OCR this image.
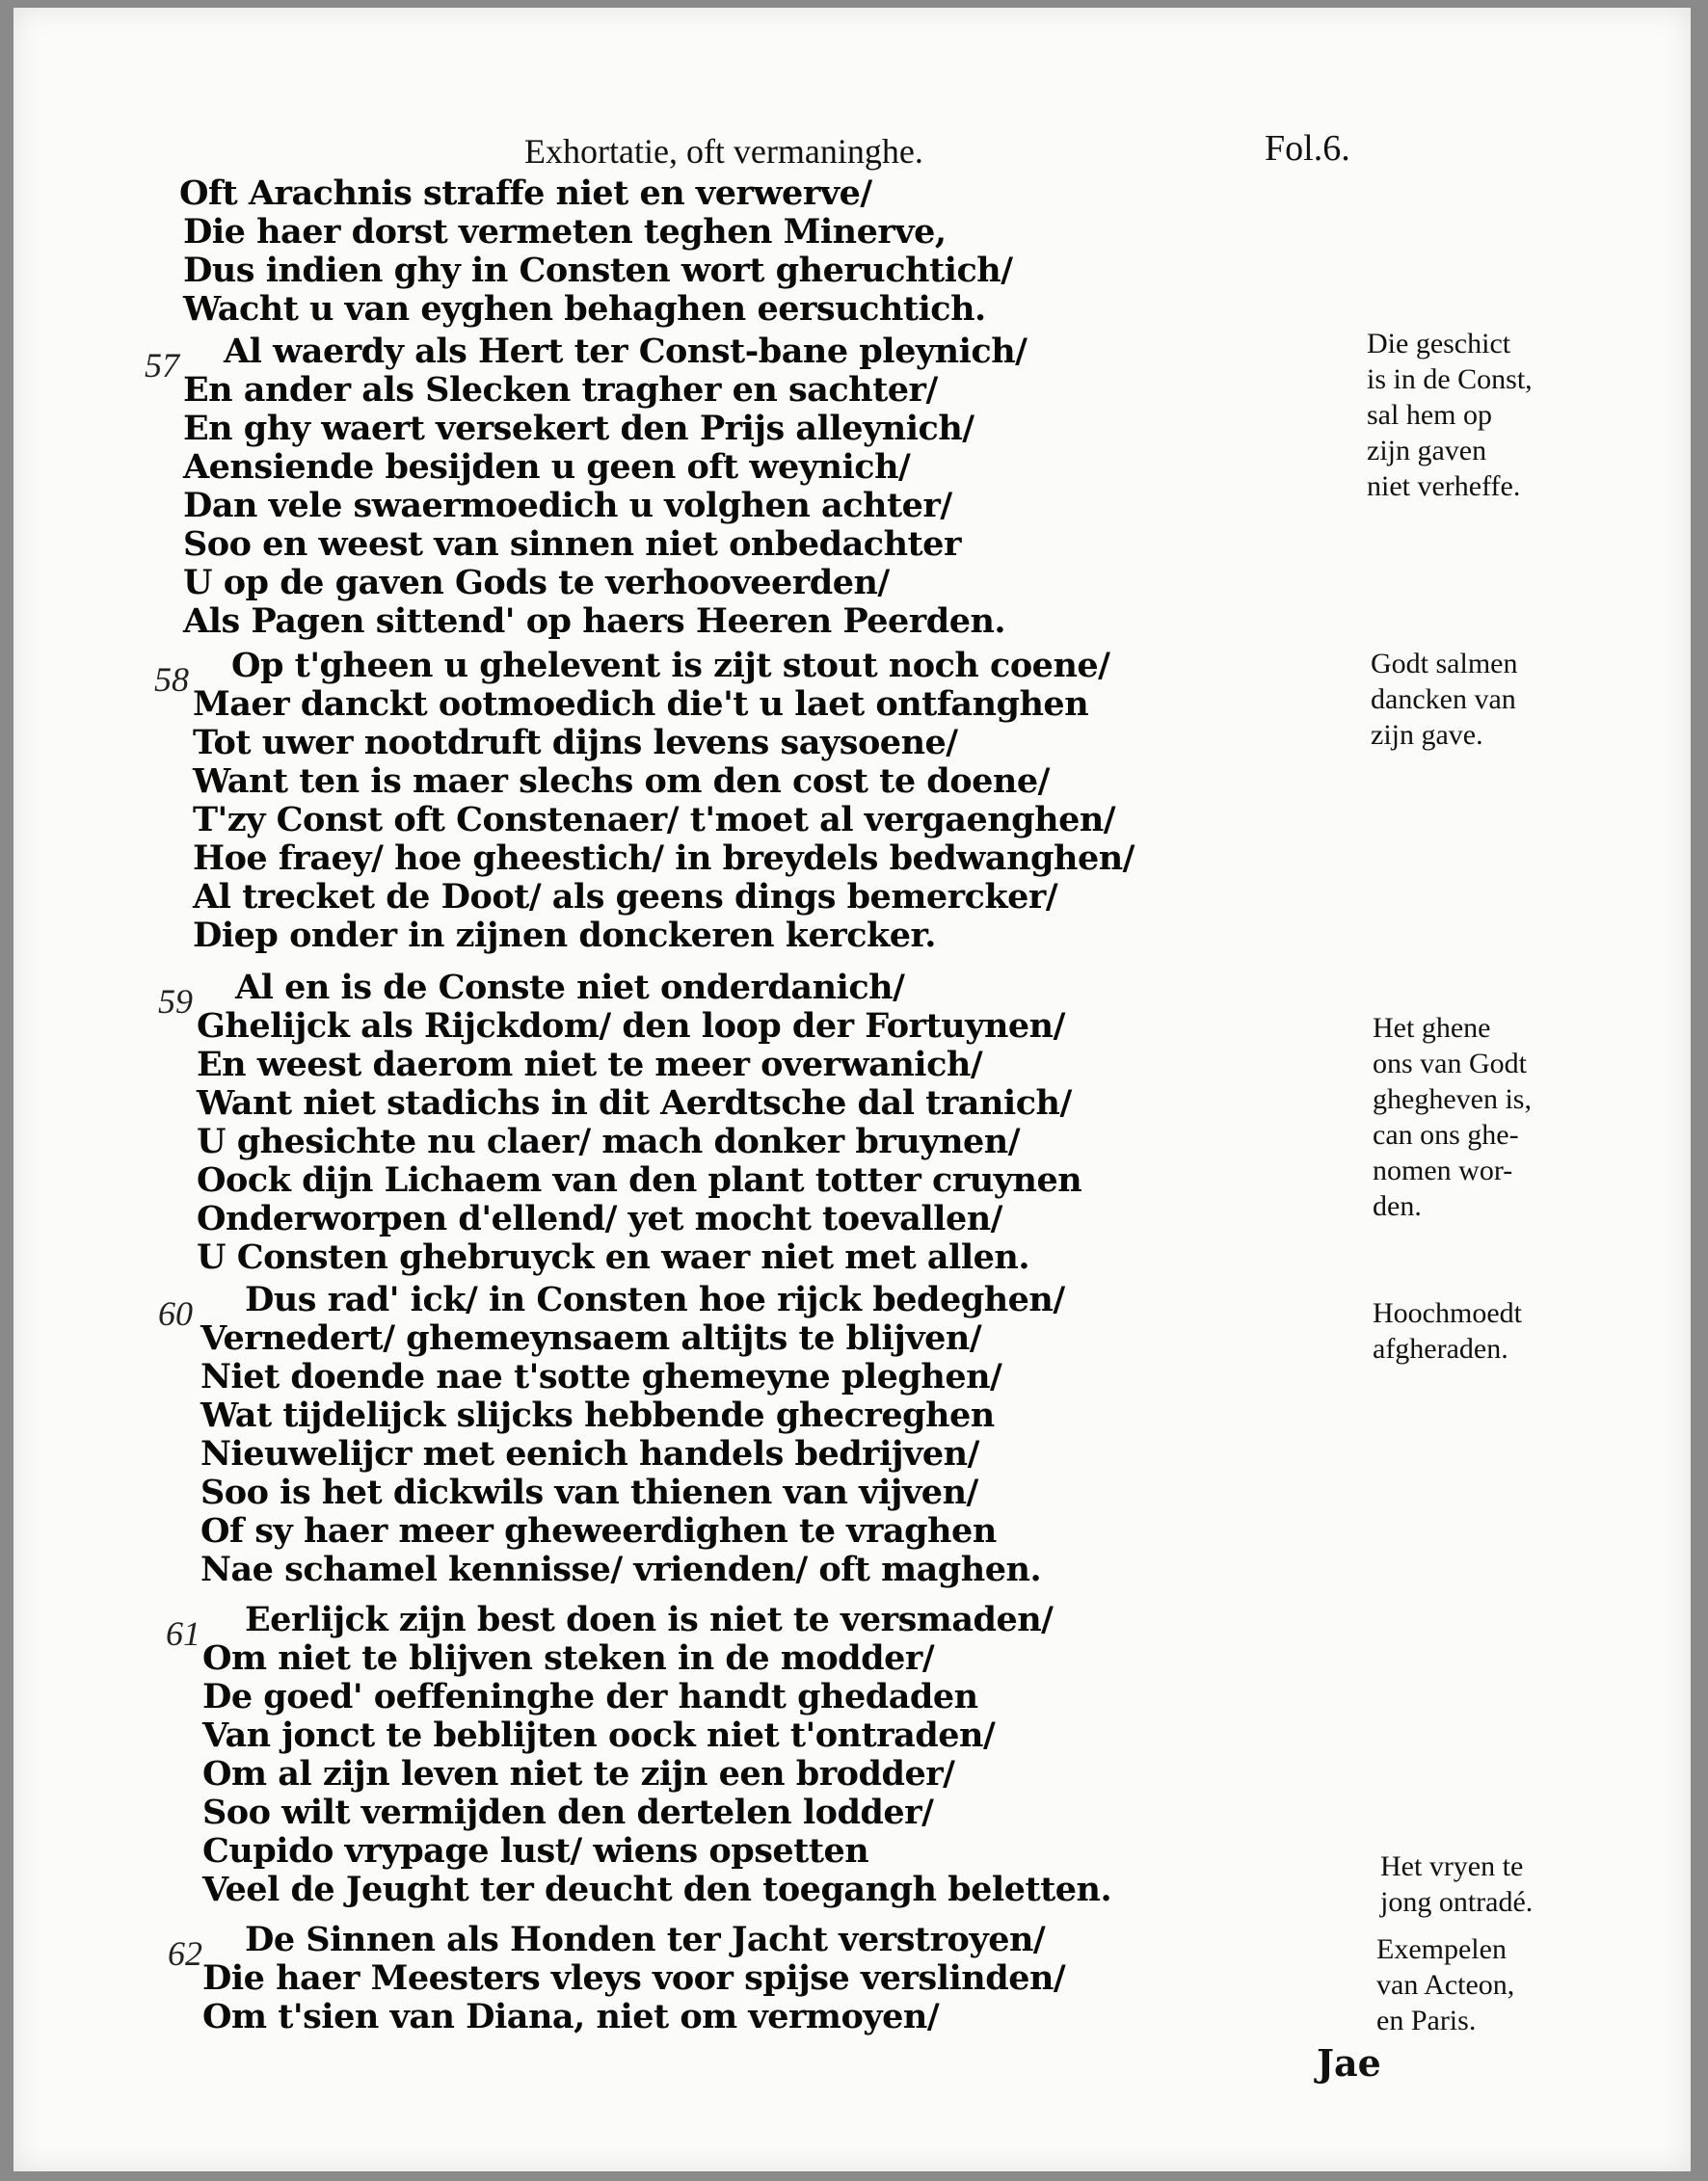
Exhortatie, oft vermaninghe.	Fol.6.
Oft Arachnis straffe niet en verwerve/
Die haer dorst vermeten teghen Minerve,
Dus indien ghy in Consten wort gheruchtich/
Wacht u van eyghen behaghen eersuchtich.
57 Al waerdy als Hert ter Const-bane pleynich/
En ander als Slecken tragher en sachter/
En ghy waert versekert den Prijs alleynich/
Aensiende besijden u geen oft weynich/
Dan vele swaermoedich u volghen achter/
Soo en weest van sinnen niet onbedachter
U op de gaven Gods te verhooveerden/
Als Pagen sittend' op haers Heeren Peerden.
58 Op t'gheen u ghelevent is zijt stout noch coene/
Maer danckt ootmoedich die't u laet ontfanghen
Tot uwer nootdruft dijns levens saysoene/
Want ten is maer slechs om den cost te doene/
T'zy Const oft Constenaer/ t'moet al vergaenghen/
Hoe fraey/ hoe gheestich/ in breydels bedwanghen/
Al trecket de Doot/ als geens dings bemercker/
Diep onder in zijnen donckeren kercker.
59 Al en is de Conste niet onderdanich/
Ghelijck als Rijckdom/ den loop der Fortuynen/
En weest daerom niet te meer overwanich/
Want niet stadichs in dit Aerdtsche dal tranich/
U ghesichte nu claer/ mach donker bruynen/
Oock dijn Lichaem van den plant totter cruynen
Onderworpen d'ellend/ yet mocht toevallen/
U Consten ghebruyck en waer niet met allen.
60 Dus rad' ick/ in Consten hoe rijck bedeghen/
Vernedert/ ghemeynsaem altijts te blijven/
Niet doende nae t'sotte ghemeyne pleghen/
Wat tijdelijck slijcks hebbende ghecreghen
Nieuwelijcr met eenich handels bedrijven/
Soo is het dickwils van thienen van vijven/
Of sy haer meer gheweerdighen te vraghen
Nae schamel kennisse/ vrienden/ oft maghen.
61 Eerlijck zijn best doen is niet te versmaden/
Om niet te blijven steken in de modder/
De goed' oeffeninghe der handt ghedaden
Van jonct te beblijten oock niet t'ontraden/
Om al zijn leven niet te zijn een brodder/
Soo wilt vermijden den dertelen lodder/
Cupido vrypage lust/ wiens opsetten
Veel de Jeught ter deucht den toegangh beletten.
62 De Sinnen als Honden ter Jacht verstroyen/
Die haer Meesters vleys voor spijse verslinden/
Om t'sien van Diana, niet om vermoyen/
Die geschict
is in de Const,
sal hem op
zijn gaven
niet verheffe.
Godt salmen
dancken van
zijn gave.
Het ghene
ons van Godt
ghegheven is,
can ons ghe-
nomen wor-
den.
Hoochmoedt
afgheraden.
Het vryen te
jong ontradé.
Exempelen
van Acteon,
en Paris.
Jae
